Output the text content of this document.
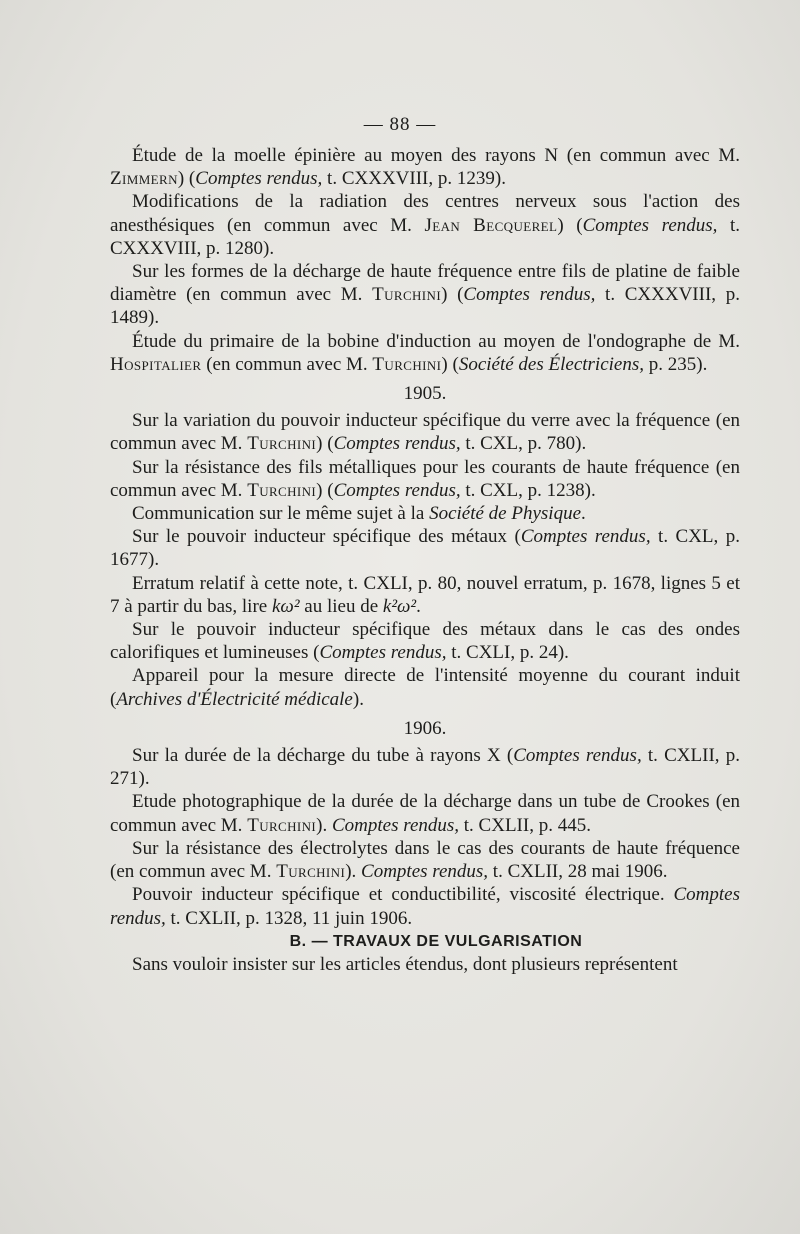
— 88 —

Étude de la moelle épinière au moyen des rayons N (en commun avec M. Zimmern) (Comptes rendus, t. CXXXVIII, p. 1239).

Modifications de la radiation des centres nerveux sous l'action des anesthésiques (en commun avec M. Jean Becquerel) (Comptes rendus, t. CXXXVIII, p. 1280).

Sur les formes de la décharge de haute fréquence entre fils de platine de faible diamètre (en commun avec M. Turchini) (Comptes rendus, t. CXXXVIII, p. 1489).

Étude du primaire de la bobine d'induction au moyen de l'ondographe de M. Hospitalier (en commun avec M. Turchini) (Société des Électriciens, p. 235).

1905.

Sur la variation du pouvoir inducteur spécifique du verre avec la fréquence (en commun avec M. Turchini) (Comptes rendus, t. CXL, p. 780).

Sur la résistance des fils métalliques pour les courants de haute fréquence (en commun avec M. Turchini) (Comptes rendus, t. CXL, p. 1238).

Communication sur le même sujet à la Société de Physique.

Sur le pouvoir inducteur spécifique des métaux (Comptes rendus, t. CXL, p. 1677).

Erratum relatif à cette note, t. CXLI, p. 80, nouvel erratum, p. 1678, lignes 5 et 7 à partir du bas, lire kω² au lieu de k²ω².

Sur le pouvoir inducteur spécifique des métaux dans le cas des ondes calorifiques et lumineuses (Comptes rendus, t. CXLI, p. 24).

Appareil pour la mesure directe de l'intensité moyenne du courant induit (Archives d'Électricité médicale).

1906.

Sur la durée de la décharge du tube à rayons X (Comptes rendus, t. CXLII, p. 271).

Etude photographique de la durée de la décharge dans un tube de Crookes (en commun avec M. Turchini). Comptes rendus, t. CXLII, p. 445.

Sur la résistance des électrolytes dans le cas des courants de haute fréquence (en commun avec M. Turchini). Comptes rendus, t. CXLII, 28 mai 1906.

Pouvoir inducteur spécifique et conductibilité, viscosité électrique. Comptes rendus, t. CXLII, p. 1328, 11 juin 1906.

B. — TRAVAUX DE VULGARISATION

Sans vouloir insister sur les articles étendus, dont plusieurs représentent
